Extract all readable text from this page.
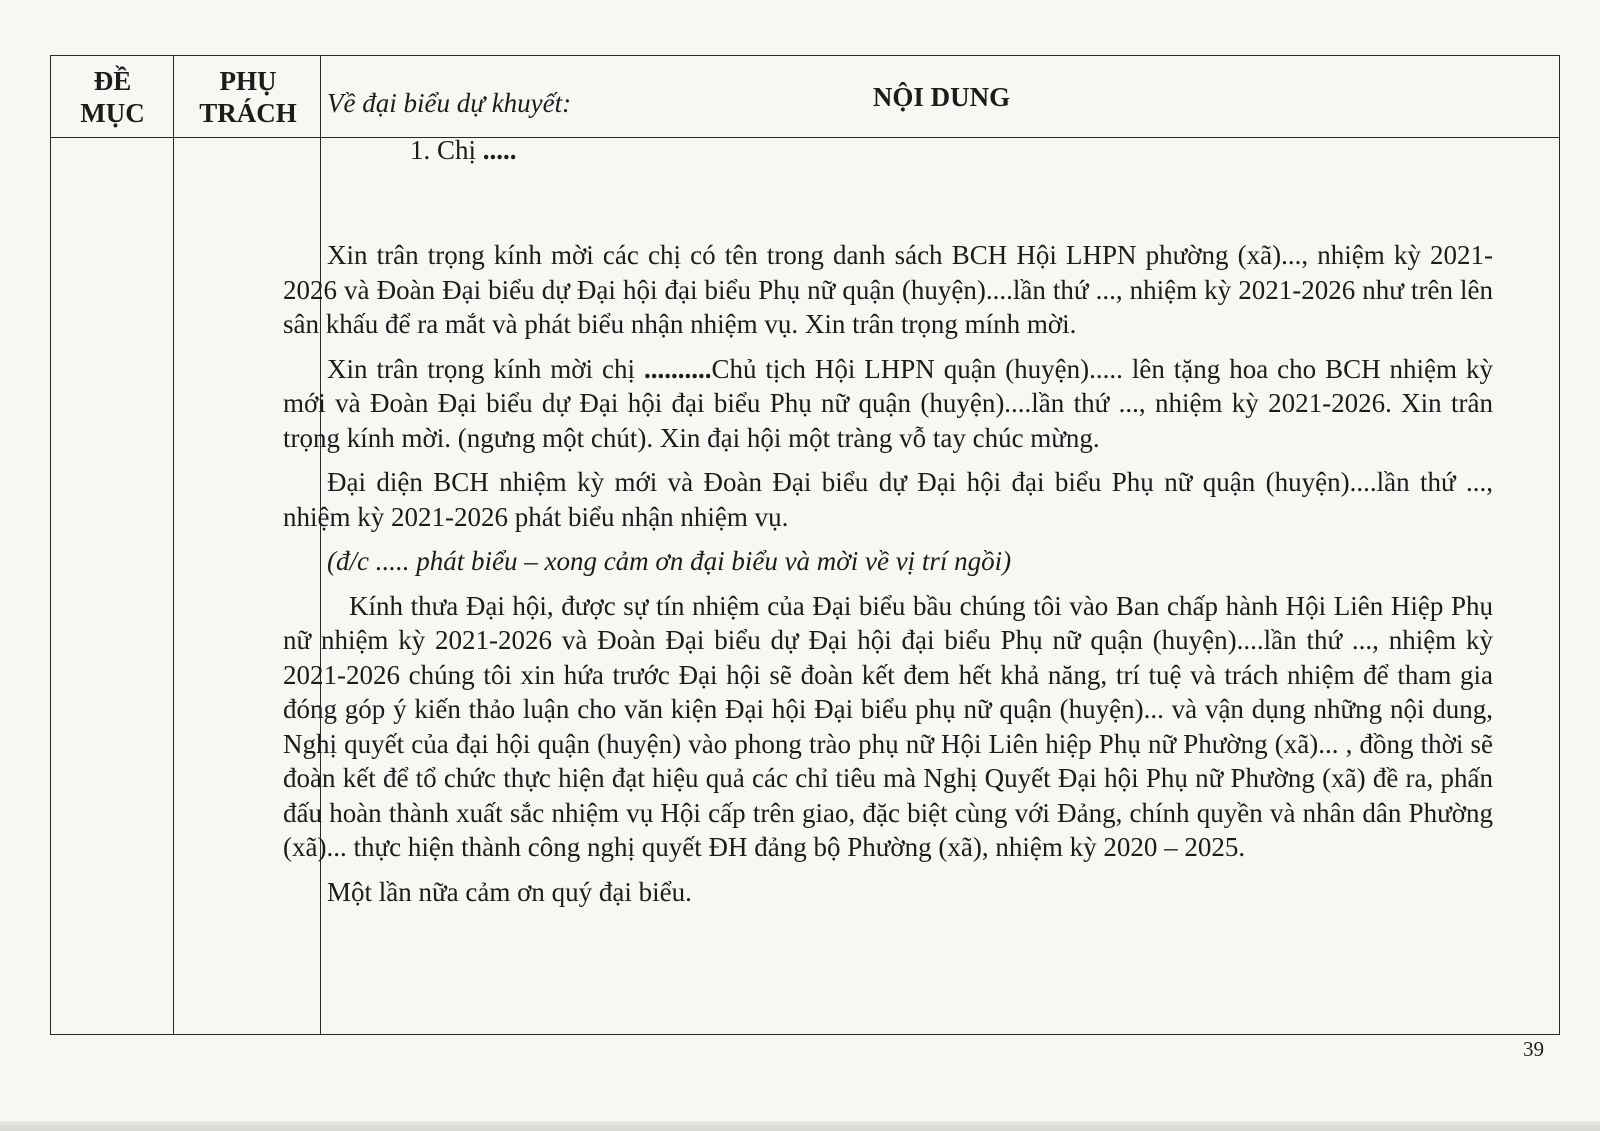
ĐỀ
MỤC
PHỤ
TRÁCH
NỘI DUNG

Về đại biểu dự khuyết:

1. Chị .....

Xin trân trọng kính mời các chị có tên trong danh sách BCH Hội LHPN phường (xã)..., nhiệm kỳ 2021-2026 và Đoàn Đại biểu dự Đại hội đại biểu Phụ nữ quận (huyện)....lần thứ ..., nhiệm kỳ 2021-2026 như trên lên sân khấu để ra mắt và phát biểu nhận nhiệm vụ. Xin trân trọng mính mời.

Xin trân trọng kính mời chị ..........Chủ tịch Hội LHPN quận (huyện)..... lên tặng hoa cho BCH nhiệm kỳ mới và Đoàn Đại biểu dự Đại hội đại biểu Phụ nữ quận (huyện)....lần thứ ..., nhiệm kỳ 2021-2026. Xin trân trọng kính mời. (ngưng một chút). Xin đại hội một tràng vỗ tay chúc mừng.

Đại diện BCH nhiệm kỳ mới và Đoàn Đại biểu dự Đại hội đại biểu Phụ nữ quận (huyện)....lần thứ ..., nhiệm kỳ 2021-2026 phát biểu nhận nhiệm vụ.

(đ/c ..... phát biểu – xong cảm ơn đại biểu và mời về vị trí ngồi)

Kính thưa Đại hội, được sự tín nhiệm của Đại biểu bầu chúng tôi vào Ban chấp hành Hội Liên Hiệp Phụ nữ nhiệm kỳ 2021-2026 và Đoàn Đại biểu dự Đại hội đại biểu Phụ nữ quận (huyện)....lần thứ ..., nhiệm kỳ 2021-2026 chúng tôi xin hứa trước Đại hội sẽ đoàn kết đem hết khả năng, trí tuệ và trách nhiệm để tham gia đóng góp ý kiến thảo luận cho văn kiện Đại hội Đại biểu phụ nữ quận (huyện)... và vận dụng những nội dung, Nghị quyết của đại hội quận (huyện) vào phong trào phụ nữ Hội Liên hiệp Phụ nữ Phường (xã)... , đồng thời sẽ đoàn kết để tổ chức thực hiện đạt hiệu quả các chỉ tiêu mà Nghị Quyết Đại hội Phụ nữ Phường (xã) đề ra, phấn đấu hoàn thành xuất sắc nhiệm vụ Hội cấp trên giao, đặc biệt cùng với Đảng, chính quyền và nhân dân Phường (xã)... thực hiện thành công nghị quyết ĐH đảng bộ Phường (xã), nhiệm kỳ 2020 – 2025.

Một lần nữa cảm ơn quý đại biểu.

39
